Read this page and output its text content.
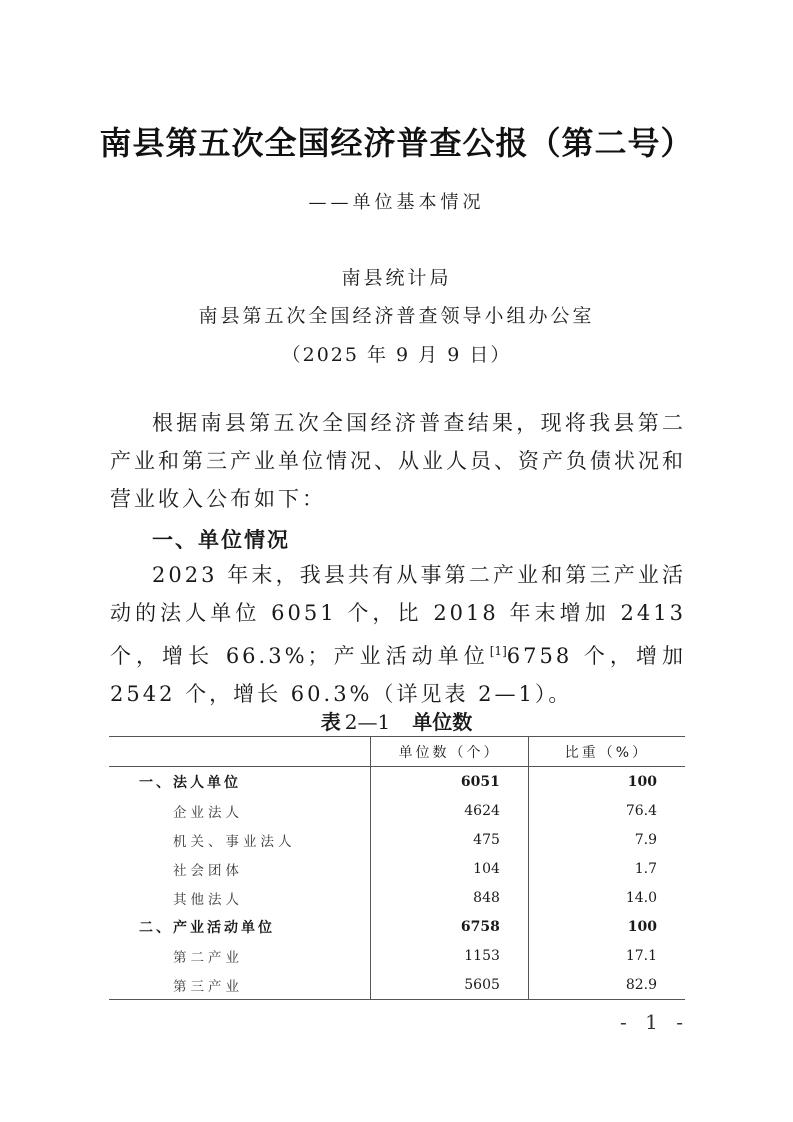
南县第五次全国经济普查公报（第二号）
——单位基本情况
南县统计局
南县第五次全国经济普查领导小组办公室
（2025 年 9 月 9 日）
根据南县第五次全国经济普查结果，现将我县第二产业和第三产业单位情况、从业人员、资产负债状况和营业收入公布如下：
一、单位情况
2023 年末，我县共有从事第二产业和第三产业活动的法人单位 6051 个，比 2018 年末增加 2413 个，增长 66.3%；产业活动单位[1]6758 个，增加 2542 个，增长 60.3%（详见表 2—1）。
表 2—1 单位数
	单位数（个）	比重（%）
一、法人单位	6051	100
企业法人	4624	76.4
机关、事业法人	475	7.9
社会团体	104	1.7
其他法人	848	14.0
二、产业活动单位	6758	100
第二产业	1153	17.1
第三产业	5605	82.9
- 1 -
